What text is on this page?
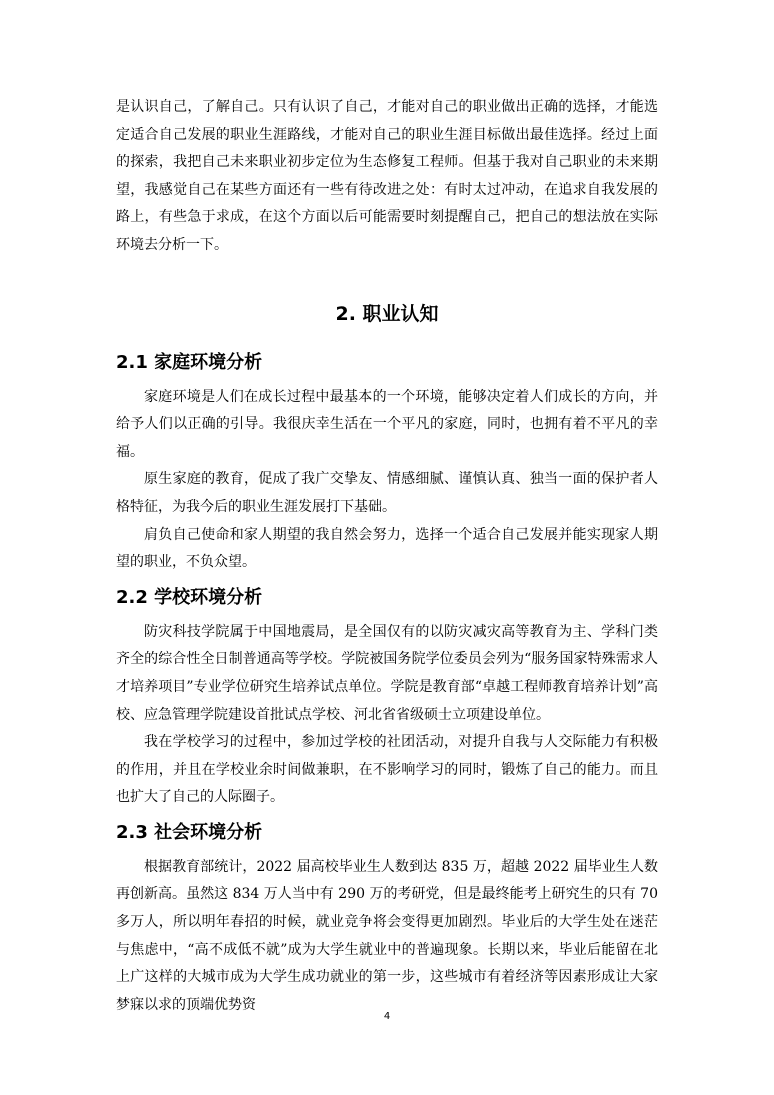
是认识自己，了解自己。只有认识了自己，才能对自己的职业做出正确的选择，才能选定适合自己发展的职业生涯路线，才能对自己的职业生涯目标做出最佳选择。经过上面的探索，我把自己未来职业初步定位为生态修复工程师。但基于我对自己职业的未来期望，我感觉自己在某些方面还有一些有待改进之处：有时太过冲动，在追求自我发展的路上，有些急于求成，在这个方面以后可能需要时刻提醒自己，把自己的想法放在实际环境去分析一下。

2. 职业认知
2.1 家庭环境分析

家庭环境是人们在成长过程中最基本的一个环境，能够决定着人们成长的方向，并给予人们以正确的引导。我很庆幸生活在一个平凡的家庭，同时，也拥有着不平凡的幸福。

原生家庭的教育，促成了我广交挚友、情感细腻、谨慎认真、独当一面的保护者人格特征，为我今后的职业生涯发展打下基础。

肩负自己使命和家人期望的我自然会努力，选择一个适合自己发展并能实现家人期望的职业，不负众望。

2.2 学校环境分析

防灾科技学院属于中国地震局，是全国仅有的以防灾减灾高等教育为主、学科门类齐全的综合性全日制普通高等学校。学院被国务院学位委员会列为“服务国家特殊需求人才培养项目”专业学位研究生培养试点单位。学院是教育部“卓越工程师教育培养计划”高校、应急管理学院建设首批试点学校、河北省省级硕士立项建设单位。

我在学校学习的过程中，参加过学校的社团活动，对提升自我与人交际能力有积极的作用，并且在学校业余时间做兼职，在不影响学习的同时，锻炼了自己的能力。而且也扩大了自己的人际圈子。

2.3 社会环境分析

根据教育部统计，2022 届高校毕业生人数到达 835 万，超越 2022 届毕业生人数再创新高。虽然这 834 万人当中有 290 万的考研党，但是最终能考上研究生的只有 70 多万人，所以明年春招的时候，就业竞争将会变得更加剧烈。毕业后的大学生处在迷茫与焦虑中，“高不成低不就”成为大学生就业中的普遍现象。长期以来，毕业后能留在北上广这样的大城市成为大学生成功就业的第一步，这些城市有着经济等因素形成让大家梦寐以求的顶端优势资

4
